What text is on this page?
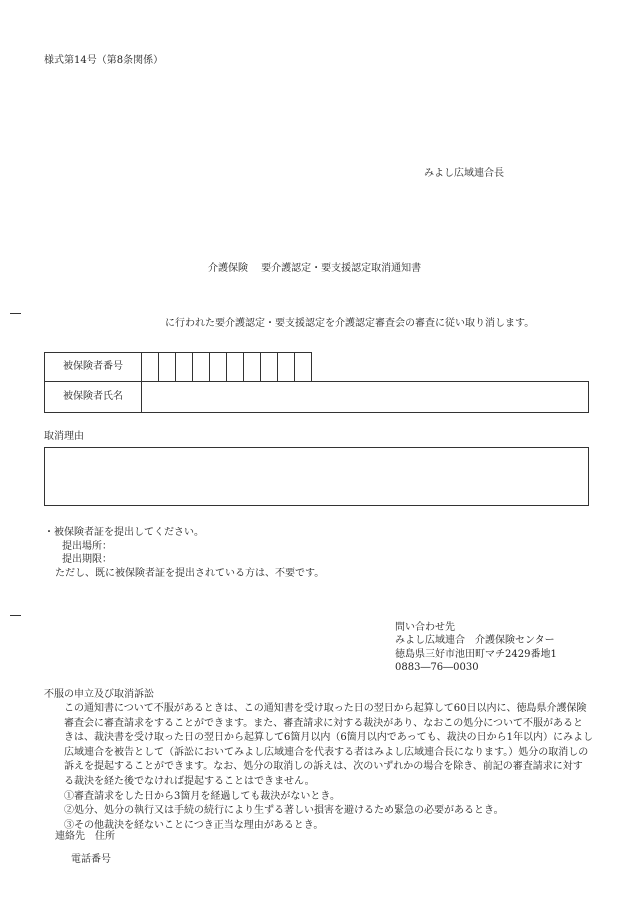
様式第14号（第8条関係）
みよし広域連合長
介護保険　 要介護認定・要支援認定取消通知書
に行われた要介護認定・要支援認定を介護認定審査会の審査に従い取り消します。
被保険者番号											
被保険者氏名											
取消理由
・被保険者証を提出してください。
提出場所：
提出期限：
ただし、既に被保険者証を提出されている方は、不要です。
問い合わせ先
みよし広域連合　介護保険センター
徳島県三好市池田町マチ2429番地1
0883―76―0030
不服の申立及び取消訴訟
この通知書について不服があるときは、この通知書を受け取った日の翌日から起算して60日以内に、徳島県介護保険
審査会に審査請求をすることができます。また、審査請求に対する裁決があり、なおこの処分について不服があると
きは、裁決書を受け取った日の翌日から起算して6箇月以内（6箇月以内であっても、裁決の日から1年以内）にみよし
広域連合を被告として（訴訟においてみよし広域連合を代表する者はみよし広域連合長になります。）処分の取消しの
訴えを提起することができます。なお、処分の取消しの訴えは、次のいずれかの場合を除き、前記の審査請求に対す
る裁決を経た後でなければ提起することはできません。
①審査請求をした日から3箇月を経過しても裁決がないとき。
②処分、処分の執行又は手続の続行により生ずる著しい損害を避けるため緊急の必要があるとき。
③その他裁決を経ないことにつき正当な理由があるとき。
連絡先　住所
電話番号
